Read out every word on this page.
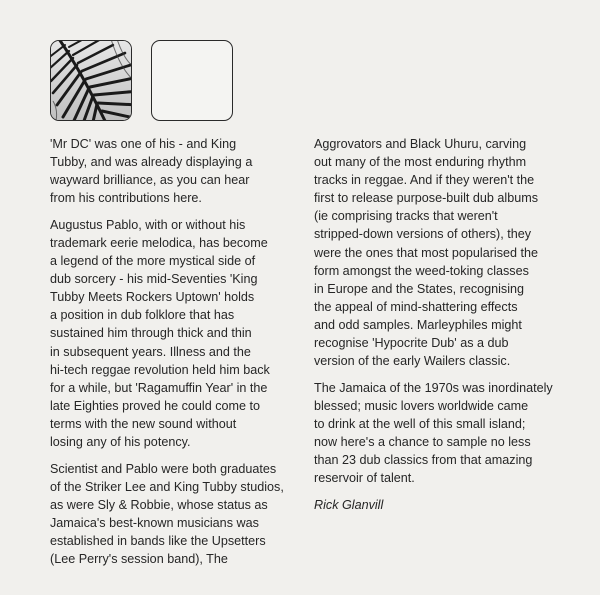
'Mr DC' was one of his - and King
Tubby, and was already displaying a
wayward brilliance, as you can hear
from his contributions here.

Augustus Pablo, with or without his
trademark eerie melodica, has become
a legend of the more mystical side of
dub sorcery - his mid-Seventies 'King
Tubby Meets Rockers Uptown' holds
a position in dub folklore that has
sustained him through thick and thin
in subsequent years. Illness and the
hi-tech reggae revolution held him back
for a while, but 'Ragamuffin Year' in the
late Eighties proved he could come to
terms with the new sound without
losing any of his potency.

Scientist and Pablo were both graduates
of the Striker Lee and King Tubby studios,
as were Sly & Robbie, whose status as
Jamaica's best-known musicians was
established in bands like the Upsetters
(Lee Perry's session band), The

Aggrovators and Black Uhuru, carving
out many of the most enduring rhythm
tracks in reggae. And if they weren't the
first to release purpose-built dub albums
(ie comprising tracks that weren't
stripped-down versions of others), they
were the ones that most popularised the
form amongst the weed-toking classes
in Europe and the States, recognising
the appeal of mind-shattering effects
and odd samples. Marleyphiles might
recognise 'Hypocrite Dub' as a dub
version of the early Wailers classic.

The Jamaica of the 1970s was inordinately
blessed; music lovers worldwide came
to drink at the well of this small island;
now here's a chance to sample no less
than 23 dub classics from that amazing
reservoir of talent.

Rick Glanvill
